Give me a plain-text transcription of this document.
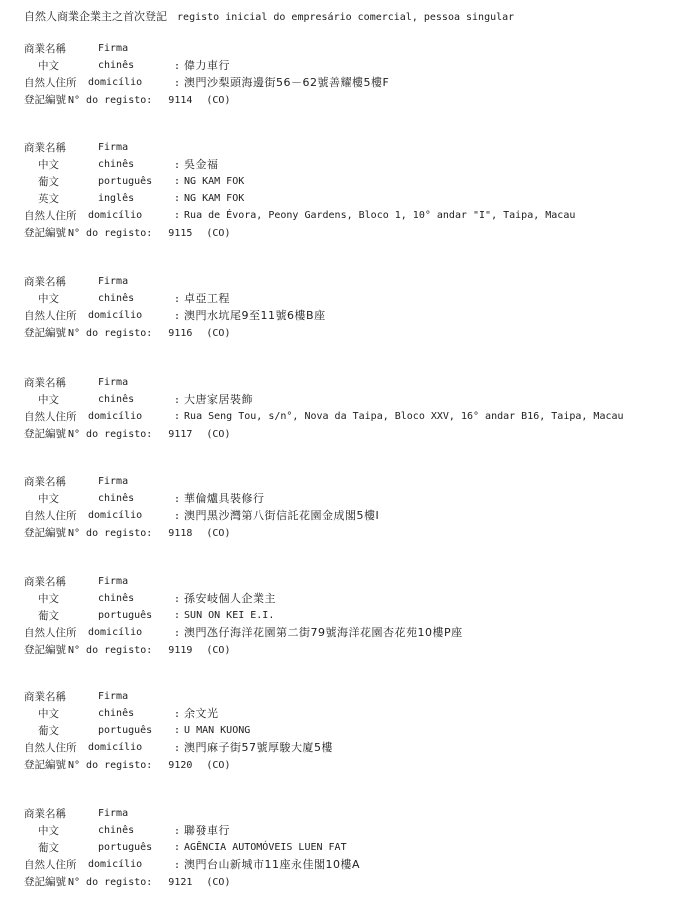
自然人商業企業主之首次登記 registo inicial do empresário comercial, pessoa singular
商業名稱	Firma
中文	chinês	: 偉力車行
自然人住所 domicílio	: 澳門沙梨頭海邊街56－62號善耀樓5樓F
登記編號 N° do registo: 9114 (CO)
商業名稱	Firma
中文	chinês	: 吳金福
葡文	português : NG KAM FOK
英文	inglês	: NG KAM FOK
自然人住所 domicílio	: Rua de Évora, Peony Gardens, Bloco 1, 10° andar "I", Taipa, Macau
登記編號 N° do registo: 9115 (CO)
商業名稱	Firma
中文	chinês	: 卓亞工程
自然人住所 domicílio	: 澳門水坑尾9至11號6樓B座
登記編號 N° do registo: 9116 (CO)
商業名稱	Firma
中文	chinês	: 大唐家居裝飾
自然人住所 domicílio	: Rua Seng Tou, s/n°, Nova da Taipa, Bloco XXV, 16° andar B16, Taipa, Macau
登記編號 N° do registo: 9117 (CO)
商業名稱	Firma
中文	chinês	: 華倫爐具裝修行
自然人住所 domicílio	: 澳門黑沙灣第八街信託花園金成閣5樓I
登記編號 N° do registo: 9118 (CO)
商業名稱	Firma
中文	chinês	: 孫安岐個人企業主
葡文	português : SUN ON KEI E.I.
自然人住所 domicílio	: 澳門氹仔海洋花園第二街79號海洋花園杏花苑10樓P座
登記編號 N° do registo: 9119 (CO)
商業名稱	Firma
中文	chinês	: 余文光
葡文	português : U MAN KUONG
自然人住所 domicílio	: 澳門麻子街57號厚駿大廈5樓
登記編號 N° do registo: 9120 (CO)
商業名稱	Firma
中文	chinês	: 聯發車行
葡文	português : AGÊNCIA AUTOMÓVEIS LUEN FAT
自然人住所 domicílio	: 澳門台山新城市11座永佳閣10樓A
登記編號 N° do registo: 9121 (CO)
